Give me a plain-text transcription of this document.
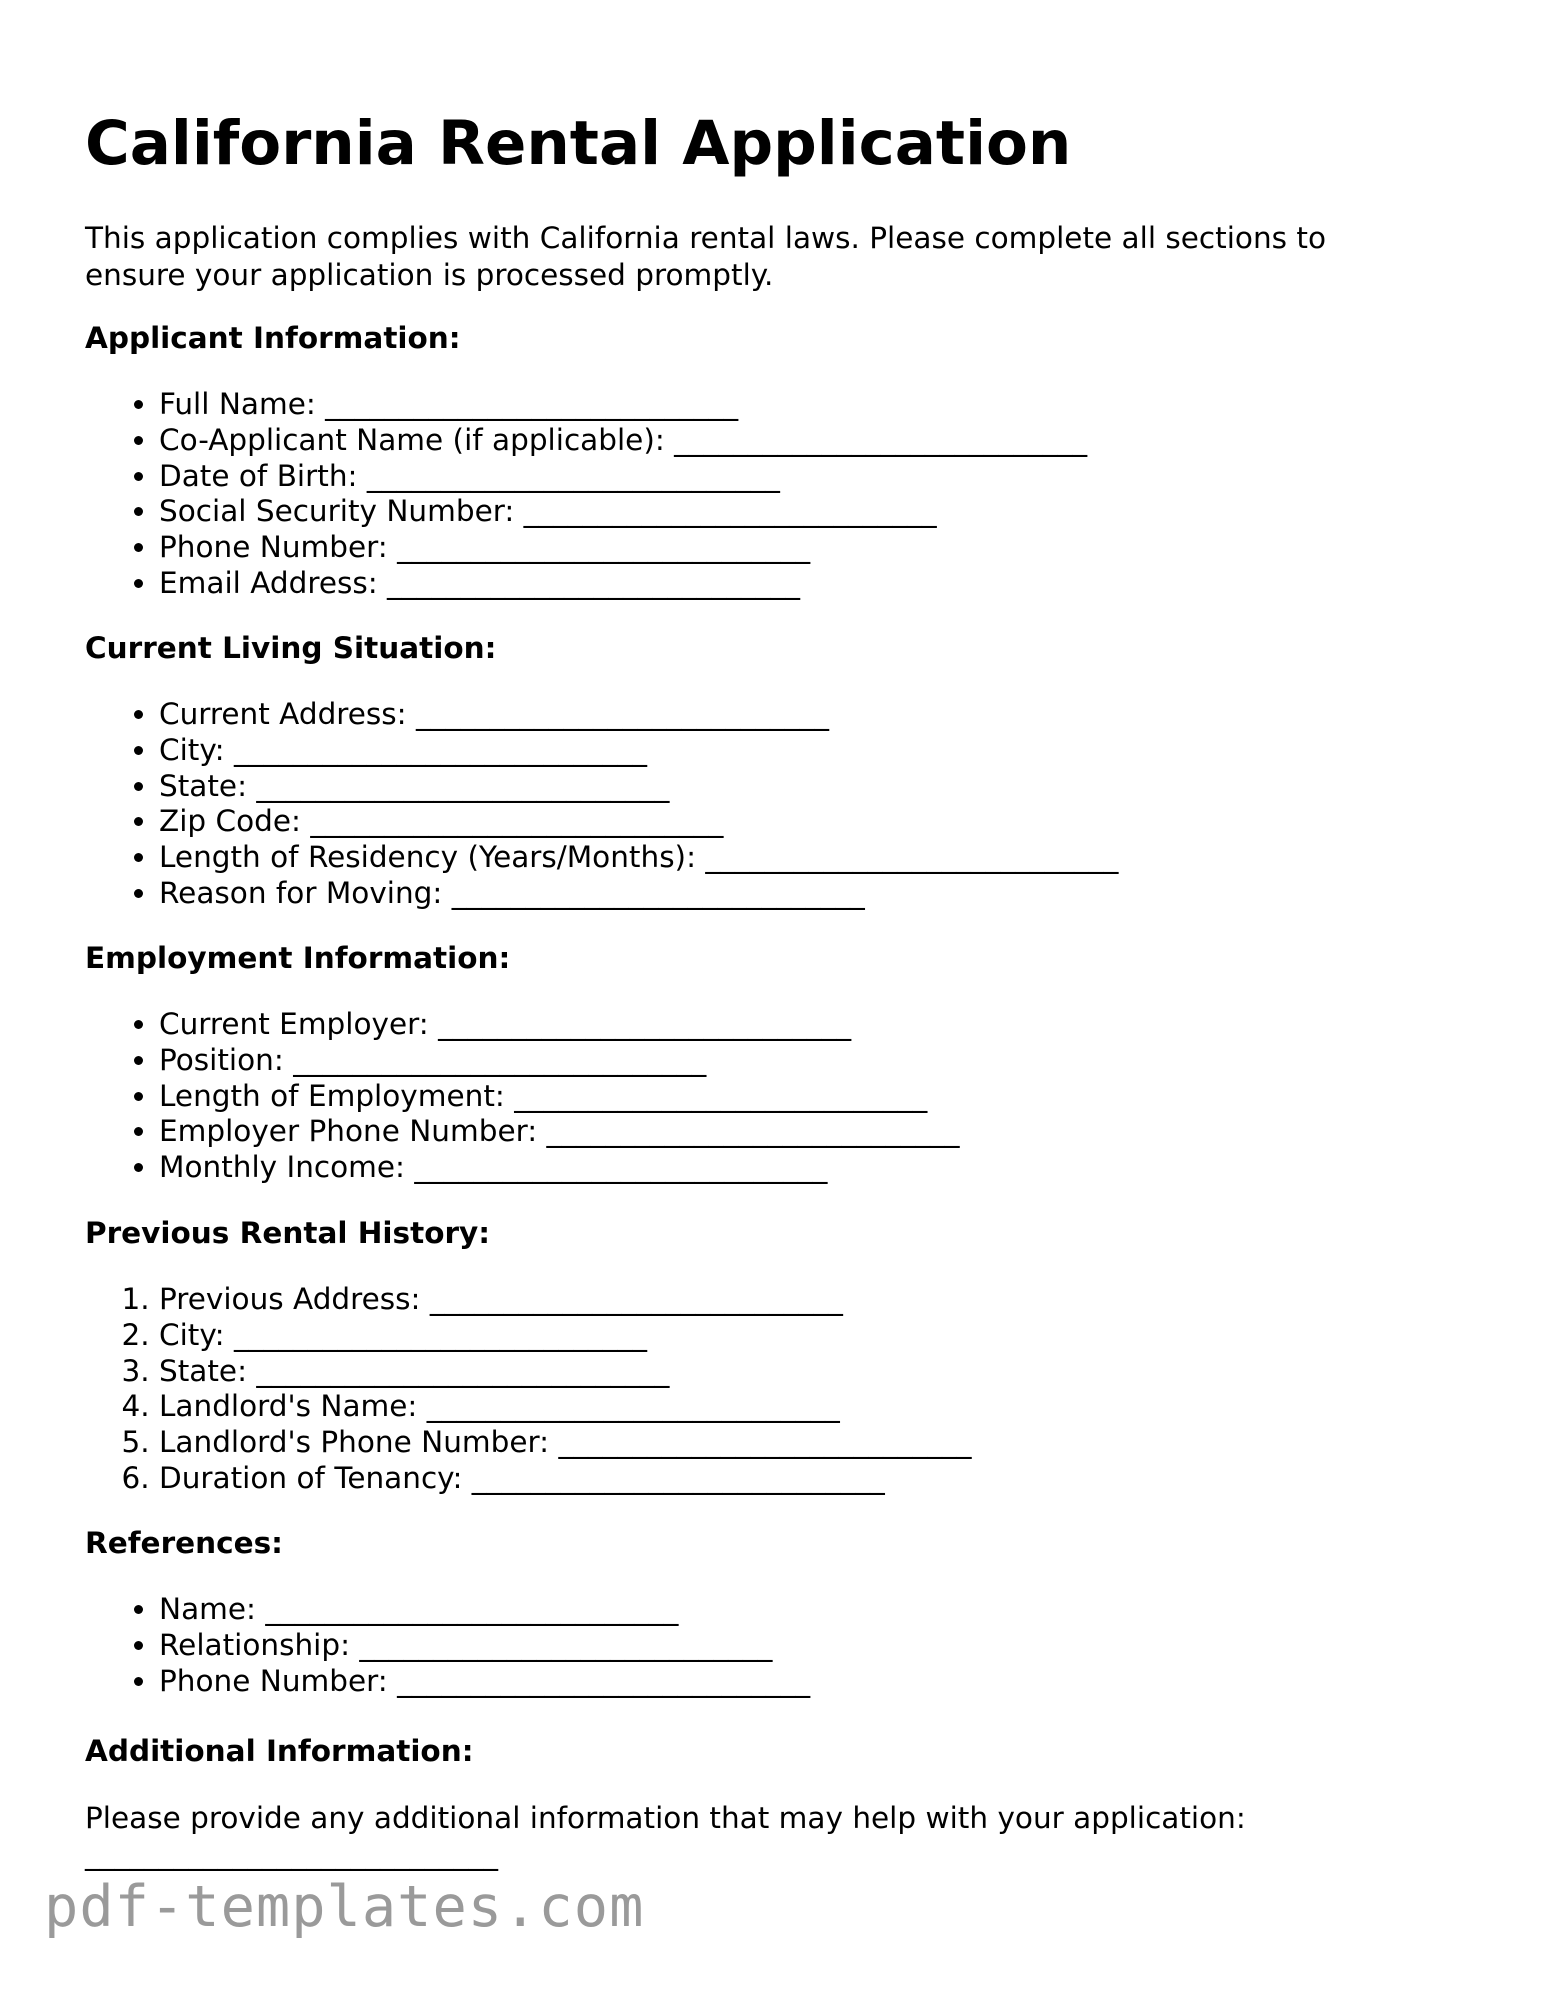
California Rental Application

This application complies with California rental laws. Please complete all sections to ensure your application is processed promptly.

Applicant Information:
• Full Name: ____________________________
• Co-Applicant Name (if applicable): ____________________________
• Date of Birth: ____________________________
• Social Security Number: ____________________________
• Phone Number: ____________________________
• Email Address: ____________________________
Current Living Situation:
• Current Address: ____________________________
• City: ____________________________
• State: ____________________________
• Zip Code: ____________________________
• Length of Residency (Years/Months): ____________________________
• Reason for Moving: ____________________________
Employment Information:
• Current Employer: ____________________________
• Position: ____________________________
• Length of Employment: ____________________________
• Employer Phone Number: ____________________________
• Monthly Income: ____________________________
Previous Rental History:
1. Previous Address: ____________________________
2. City: ____________________________
3. State: ____________________________
4. Landlord's Name: ____________________________
5. Landlord's Phone Number: ____________________________
6. Duration of Tenancy: ____________________________
References:
• Name: ____________________________
• Relationship: ____________________________
• Phone Number: ____________________________
Additional Information:

Please provide any additional information that may help with your application:

____________________________

pdf-templates.com
